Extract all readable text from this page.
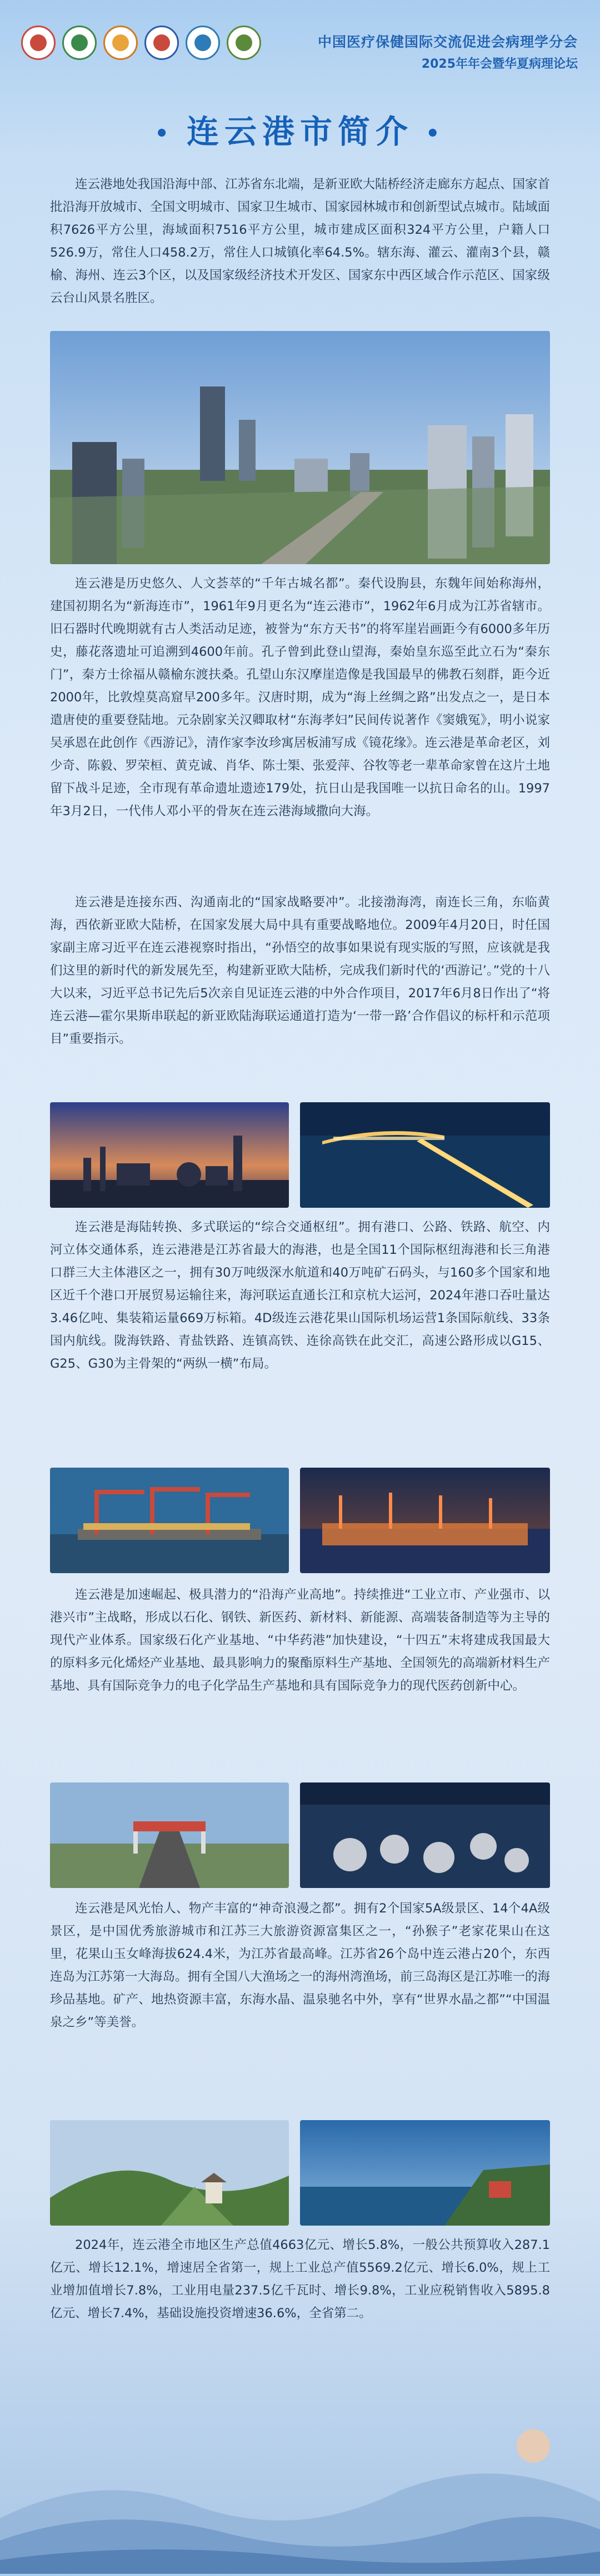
中国医疗保健国际交流促进会病理学分会
2025年年会暨华夏病理论坛
• 连云港市简介 •

连云港地处我国沿海中部、江苏省东北端，是新亚欧大陆桥经济走廊东方起点、国家首批沿海开放城市、全国文明城市、国家卫生城市、国家园林城市和创新型试点城市。陆域面积7626平方公里，海域面积7516平方公里，城市建成区面积324平方公里，户籍人口526.9万，常住人口458.2万，常住人口城镇化率64.5%。辖东海、灌云、灌南3个县，赣榆、海州、连云3个区，以及国家级经济技术开发区、国家东中西区域合作示范区、国家级云台山风景名胜区。

连云港是历史悠久、人文荟萃的“千年古城名都”。秦代设朐县，东魏年间始称海州，建国初期名为“新海连市”，1961年9月更名为“连云港市”，1962年6月成为江苏省辖市。旧石器时代晚期就有古人类活动足迹，被誉为“东方天书”的将军崖岩画距今有6000多年历史，藤花落遗址可追溯到4600年前。孔子曾到此登山望海，秦始皇东巡至此立石为“秦东门”，秦方士徐福从赣榆东渡扶桑。孔望山东汉摩崖造像是我国最早的佛教石刻群，距今近2000年，比敦煌莫高窟早200多年。汉唐时期，成为“海上丝绸之路”出发点之一，是日本遣唐使的重要登陆地。元杂剧家关汉卿取材“东海孝妇”民间传说著作《窦娥冤》，明小说家吴承恩在此创作《西游记》，清作家李汝珍寓居板浦写成《镜花缘》。连云港是革命老区，刘少奇、陈毅、罗荣桓、黄克诚、肖华、陈士榘、张爱萍、谷牧等老一辈革命家曾在这片土地留下战斗足迹，全市现有革命遗址遗迹179处，抗日山是我国唯一以抗日命名的山。1997年3月2日，一代伟人邓小平的骨灰在连云港海域撒向大海。

连云港是连接东西、沟通南北的“国家战略要冲”。北接渤海湾，南连长三角，东临黄海，西依新亚欧大陆桥，在国家发展大局中具有重要战略地位。2009年4月20日，时任国家副主席习近平在连云港视察时指出，“孙悟空的故事如果说有现实版的写照，应该就是我们这里的新时代的新发展先至，构建新亚欧大陆桥，完成我们新时代的‘西游记’。”党的十八大以来，习近平总书记先后5次亲自见证连云港的中外合作项目，2017年6月8日作出了“将连云港—霍尔果斯串联起的新亚欧陆海联运通道打造为‘一带一路’合作倡议的标杆和示范项目”重要指示。

连云港是海陆转换、多式联运的“综合交通枢纽”。拥有港口、公路、铁路、航空、内河立体交通体系，连云港港是江苏省最大的海港，也是全国11个国际枢纽海港和长三角港口群三大主体港区之一，拥有30万吨级深水航道和40万吨矿石码头，与160多个国家和地区近千个港口开展贸易运输往来，海河联运直通长江和京杭大运河，2024年港口吞吐量达3.46亿吨、集装箱运量669万标箱。4D级连云港花果山国际机场运营1条国际航线、33条国内航线。陇海铁路、青盐铁路、连镇高铁、连徐高铁在此交汇，高速公路形成以G15、G25、G30为主骨架的“两纵一横”布局。

连云港是加速崛起、极具潜力的“沿海产业高地”。持续推进“工业立市、产业强市、以港兴市”主战略，形成以石化、钢铁、新医药、新材料、新能源、高端装备制造等为主导的现代产业体系。国家级石化产业基地、“中华药港”加快建设，“十四五”末将建成我国最大的原料多元化烯烃产业基地、最具影响力的聚酯原料生产基地、全国领先的高端新材料生产基地、具有国际竞争力的电子化学品生产基地和具有国际竞争力的现代医药创新中心。

连云港是风光怡人、物产丰富的“神奇浪漫之都”。拥有2个国家5A级景区、14个4A级景区，是中国优秀旅游城市和江苏三大旅游资源富集区之一，“孙猴子”老家花果山在这里，花果山玉女峰海拔624.4米，为江苏省最高峰。江苏省26个岛中连云港占20个，东西连岛为江苏第一大海岛。拥有全国八大渔场之一的海州湾渔场，前三岛海区是江苏唯一的海珍品基地。矿产、地热资源丰富，东海水晶、温泉驰名中外，享有“世界水晶之都”“中国温泉之乡”等美誉。

2024年，连云港全市地区生产总值4663亿元、增长5.8%，一般公共预算收入287.1亿元、增长12.1%，增速居全省第一，规上工业总产值5569.2亿元、增长6.0%，规上工业增加值增长7.8%，工业用电量237.5亿千瓦时、增长9.8%，工业应税销售收入5895.8亿元、增长7.4%，基础设施投资增速36.6%，全省第二。
